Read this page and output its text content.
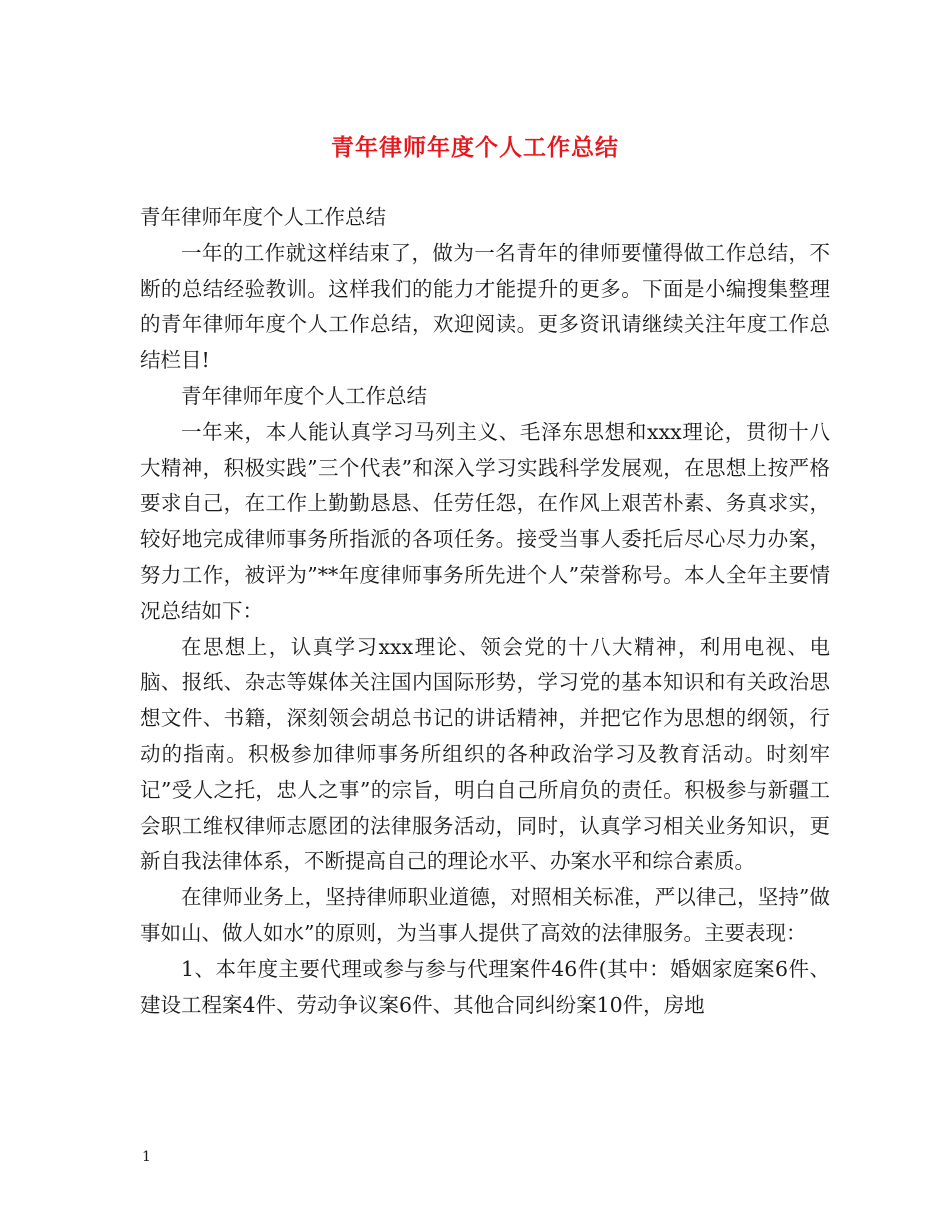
青年律师年度个人工作总结

青年律师年度个人工作总结

一年的工作就这样结束了，做为一名青年的律师要懂得做工作总结，不断的总结经验教训。这样我们的能力才能提升的更多。下面是小编搜集整理的青年律师年度个人工作总结，欢迎阅读。更多资讯请继续关注年度工作总结栏目!

青年律师年度个人工作总结

一年来，本人能认真学习马列主义、毛泽东思想和xxx理论，贯彻十八大精神，积极实践”三个代表”和深入学习实践科学发展观，在思想上按严格要求自己，在工作上勤勤恳恳、任劳任怨，在作风上艰苦朴素、务真求实，较好地完成律师事务所指派的各项任务。接受当事人委托后尽心尽力办案，努力工作，被评为”**年度律师事务所先进个人”荣誉称号。本人全年主要情况总结如下：

在思想上，认真学习xxx理论、领会党的十八大精神，利用电视、电脑、报纸、杂志等媒体关注国内国际形势，学习党的基本知识和有关政治思想文件、书籍，深刻领会胡总书记的讲话精神，并把它作为思想的纲领，行动的指南。积极参加律师事务所组织的各种政治学习及教育活动。时刻牢记”受人之托，忠人之事”的宗旨，明白自己所肩负的责任。积极参与新疆工会职工维权律师志愿团的法律服务活动，同时，认真学习相关业务知识，更新自我法律体系，不断提高自己的理论水平、办案水平和综合素质。

在律师业务上，坚持律师职业道德，对照相关标准，严以律己，坚持”做事如山、做人如水”的原则，为当事人提供了高效的法律服务。主要表现：

1、本年度主要代理或参与参与代理案件46件(其中：婚姻家庭案6件、建设工程案4件、劳动争议案6件、其他合同纠纷案10件，房地

1
